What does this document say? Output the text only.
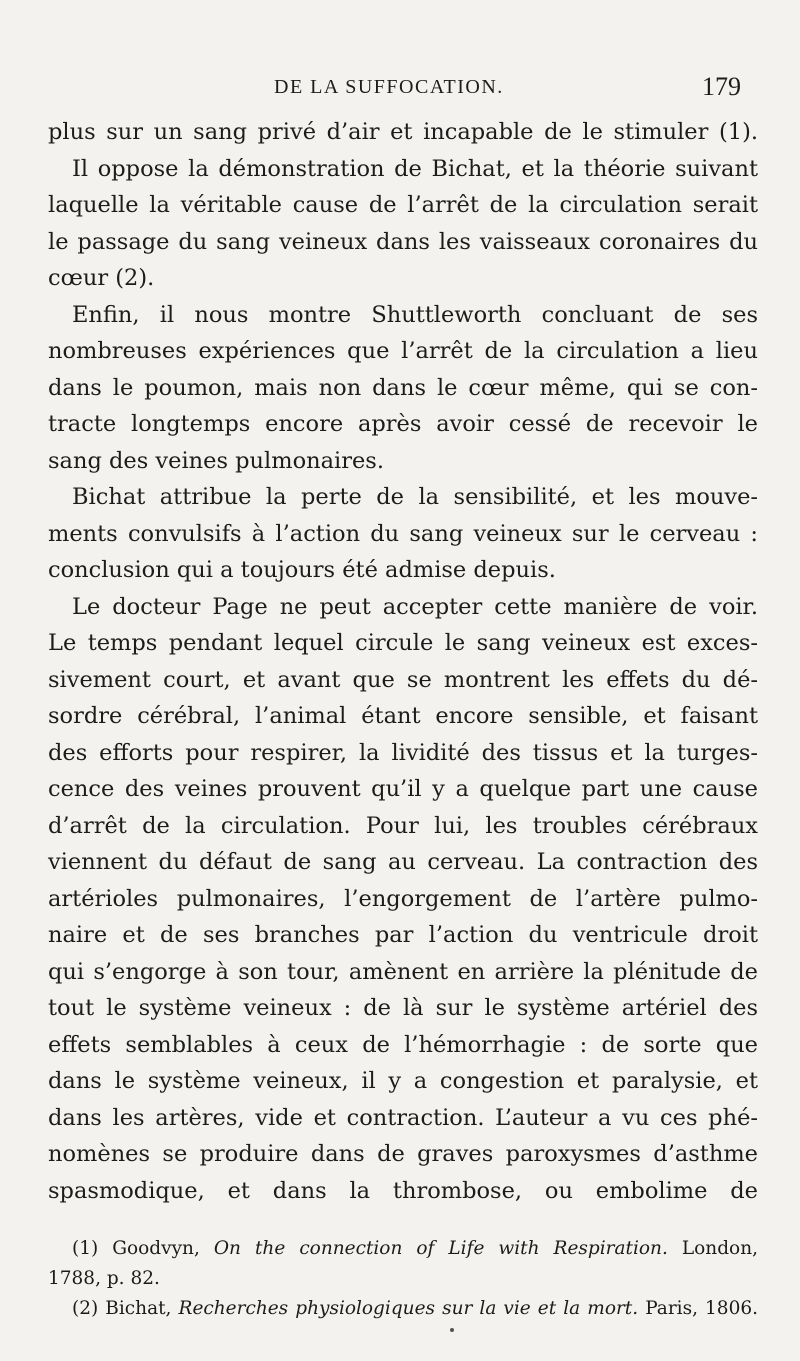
DE LA SUFFOCATION.	179
plus sur un sang privé d’air et incapable de le stimuler (1).
Il oppose la démonstration de Bichat, et la théorie suivant
laquelle la véritable cause de l’arrêt de la circulation serait
le passage du sang veineux dans les vaisseaux coronaires du
cœur (2).
Enfin, il nous montre Shuttleworth concluant de ses
nombreuses expériences que l’arrêt de la circulation a lieu
dans le poumon, mais non dans le cœur même, qui se con-
tracte longtemps encore après avoir cessé de recevoir le
sang des veines pulmonaires.
Bichat attribue la perte de la sensibilité, et les mouve-
ments convulsifs à l’action du sang veineux sur le cerveau :
conclusion qui a toujours été admise depuis.
Le docteur Page ne peut accepter cette manière de voir.
Le temps pendant lequel circule le sang veineux est exces-
sivement court, et avant que se montrent les effets du dé-
sordre cérébral, l’animal étant encore sensible, et faisant
des efforts pour respirer, la lividité des tissus et la turges-
cence des veines prouvent qu’il y a quelque part une cause
d’arrêt de la circulation. Pour lui, les troubles cérébraux
viennent du défaut de sang au cerveau. La contraction des
artérioles pulmonaires, l’engorgement de l’artère pulmo-
naire et de ses branches par l’action du ventricule droit
qui s’engorge à son tour, amènent en arrière la plénitude de
tout le système veineux : de là sur le système artériel des
effets semblables à ceux de l’hémorrhagie : de sorte que
dans le système veineux, il y a congestion et paralysie, et
dans les artères, vide et contraction. L’auteur a vu ces phé-
nomènes se produire dans de graves paroxysmes d’asthme
spasmodique, et dans la thrombose, ou embolime de
(1) Goodvyn, On the connection of Life with Respiration. London,
1788, p. 82.
(2) Bichat, Recherches physiologiques sur la vie et la mort. Paris, 1806.
